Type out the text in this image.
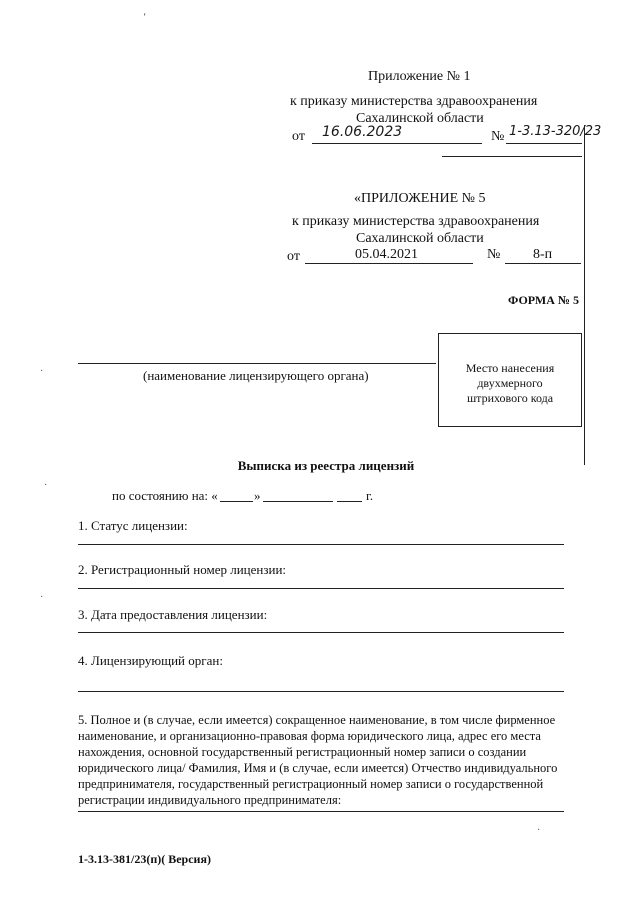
Приложение № 1
к приказу министерства здравоохранения
Сахалинской области
от 16.06.2023	№ 1-3.13-320/23
«ПРИЛОЖЕНИЕ № 5
к приказу министерства здравоохранения
Сахалинской области
от	05.04.2021	№ 8-п
ФОРМА № 5
(наименование лицензирующего органа)	Место нанесения
двухмерного
штрихового кода
Выписка из реестра лицензий
по состоянию на: «	»	г.
1. Статус лицензии:
2. Регистрационный номер лицензии:
3. Дата предоставления лицензии:
4. Лицензирующий орган:
5. Полное и (в случае, если имеется) сокращенное наименование, в том числе фирменное
наименование, и организационно-правовая форма юридического лица, адрес его места
нахождения, основной государственный регистрационный номер записи о создании
юридического лица/ Фамилия, Имя и (в случае, если имеется) Отчество индивидуального
предпринимателя, государственный регистрационный номер записи о государственной
регистрации индивидуального предпринимателя:
1-3.13-381/23(п)( Версия)
ʻ
·
·
·
·
